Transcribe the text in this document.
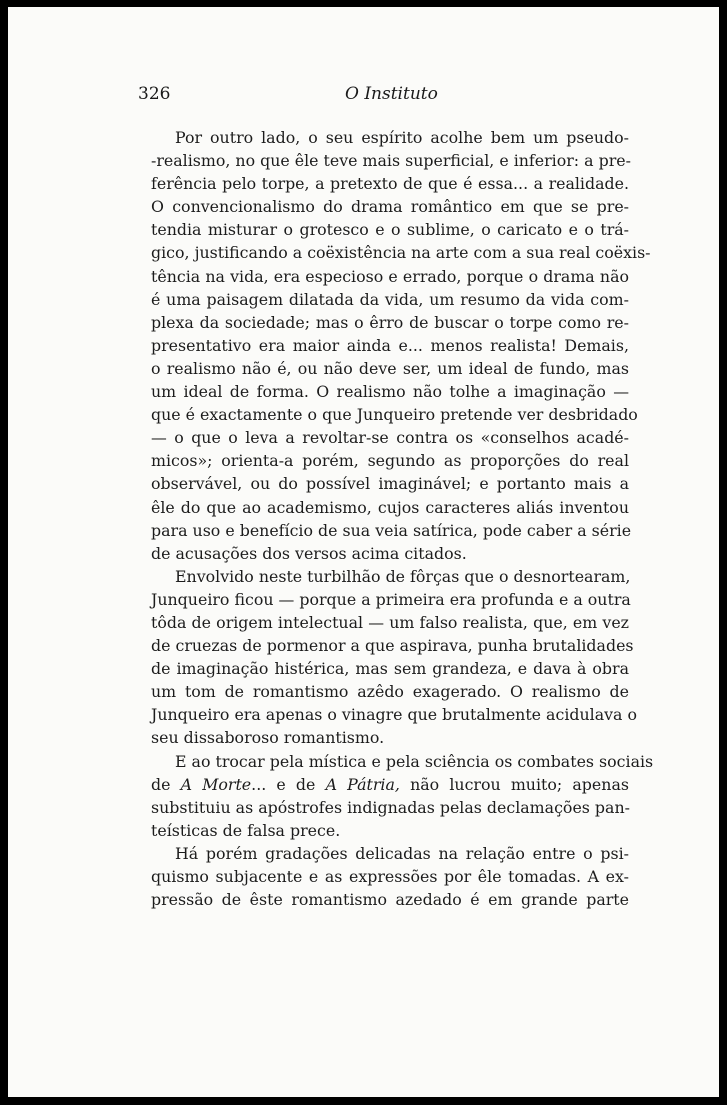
326	O Instituto
Por outro lado, o seu espírito acolhe bem um pseudo-
-realismo, no que êle teve mais superficial, e inferior: a pre-
ferência pelo torpe, a pretexto de que é essa... a realidade.
O convencionalismo do drama romântico em que se pre-
tendia misturar o grotesco e o sublime, o caricato e o trá-
gico, justificando a coëxistência na arte com a sua real coëxis-
tência na vida, era especioso e errado, porque o drama não
é uma paisagem dilatada da vida, um resumo da vida com-
plexa da sociedade; mas o êrro de buscar o torpe como re-
presentativo era maior ainda e... menos realista! Demais,
o realismo não é, ou não deve ser, um ideal de fundo, mas
um ideal de forma. O realismo não tolhe a imaginação —
que é exactamente o que Junqueiro pretende ver desbridado
— o que o leva a revoltar-se contra os «conselhos acadé-
micos»; orienta-a porém, segundo as proporções do real
observável, ou do possível imaginável; e portanto mais a
êle do que ao academismo, cujos caracteres aliás inventou
para uso e benefício de sua veia satírica, pode caber a série
de acusações dos versos acima citados.
Envolvido neste turbilhão de fôrças que o desnortearam,
Junqueiro ficou — porque a primeira era profunda e a outra
tôda de origem intelectual — um falso realista, que, em vez
de cruezas de pormenor a que aspirava, punha brutalidades
de imaginação histérica, mas sem grandeza, e dava à obra
um tom de romantismo azêdo exagerado. O realismo de
Junqueiro era apenas o vinagre que brutalmente acidulava o
seu dissaboroso romantismo.
E ao trocar pela mística e pela sciência os combates sociais
de A Morte... e de A Pátria, não lucrou muito; apenas
substituiu as apóstrofes indignadas pelas declamações pan-
teísticas de falsa prece.
Há porém gradações delicadas na relação entre o psi-
quismo subjacente e as expressões por êle tomadas. A ex-
pressão de êste romantismo azedado é em grande parte
